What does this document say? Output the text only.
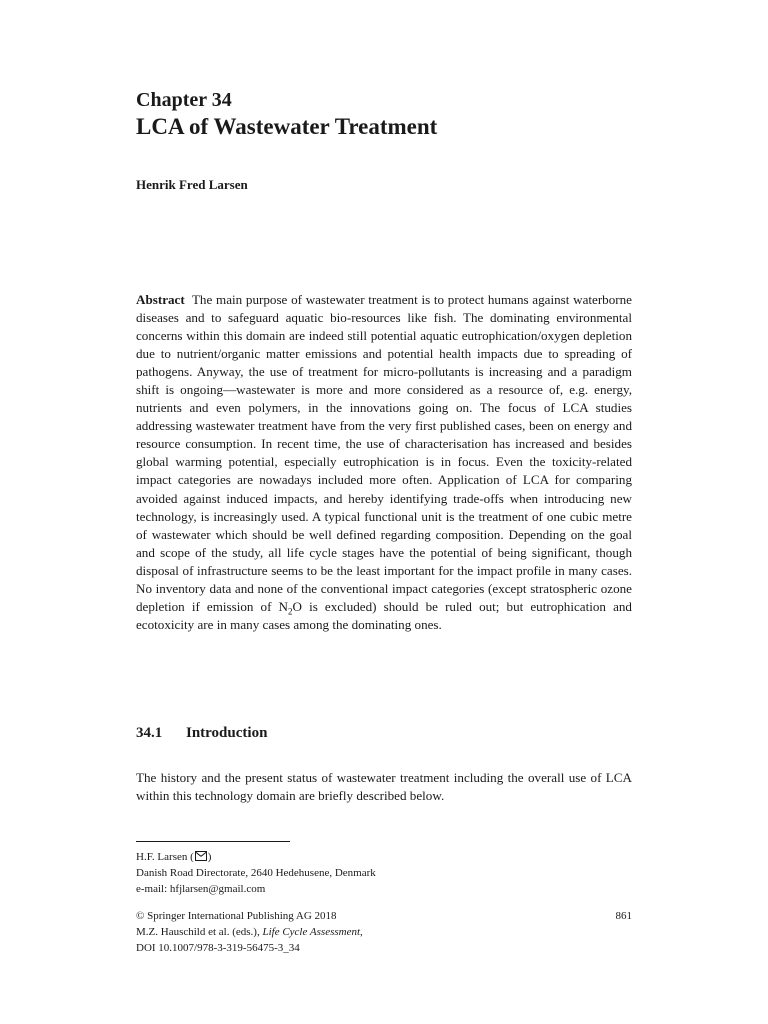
Chapter 34
LCA of Wastewater Treatment
Henrik Fred Larsen
Abstract The main purpose of wastewater treatment is to protect humans against waterborne diseases and to safeguard aquatic bio-resources like fish. The dominating environmental concerns within this domain are indeed still potential aquatic eutrophication/oxygen depletion due to nutrient/organic matter emissions and potential health impacts due to spreading of pathogens. Anyway, the use of treatment for micro-pollutants is increasing and a paradigm shift is ongoing—wastewater is more and more considered as a resource of, e.g. energy, nutrients and even polymers, in the innovations going on. The focus of LCA studies addressing wastewater treatment have from the very first published cases, been on energy and resource consumption. In recent time, the use of characterisation has increased and besides global warming potential, especially eutrophication is in focus. Even the toxicity-related impact categories are nowadays included more often. Application of LCA for comparing avoided against induced impacts, and hereby identifying trade-offs when introducing new technology, is increasingly used. A typical functional unit is the treatment of one cubic metre of wastewater which should be well defined regarding composition. Depending on the goal and scope of the study, all life cycle stages have the potential of being significant, though disposal of infrastructure seems to be the least important for the impact profile in many cases. No inventory data and none of the conventional impact categories (except stratospheric ozone depletion if emission of $N_2O$ is excluded) should be ruled out; but eutrophication and ecotoxicity are in many cases among the dominating ones.
34.1 Introduction
The history and the present status of wastewater treatment including the overall use of LCA within this technology domain are briefly described below.
H.F. Larsen ( )
Danish Road Directorate, 2640 Hedehusene, Denmark
e-mail: hfjlarsen@gmail.com
© Springer International Publishing AG 2018
M.Z. Hauschild et al. (eds.), Life Cycle Assessment,
DOI 10.1007/978-3-319-56475-3_34
861
